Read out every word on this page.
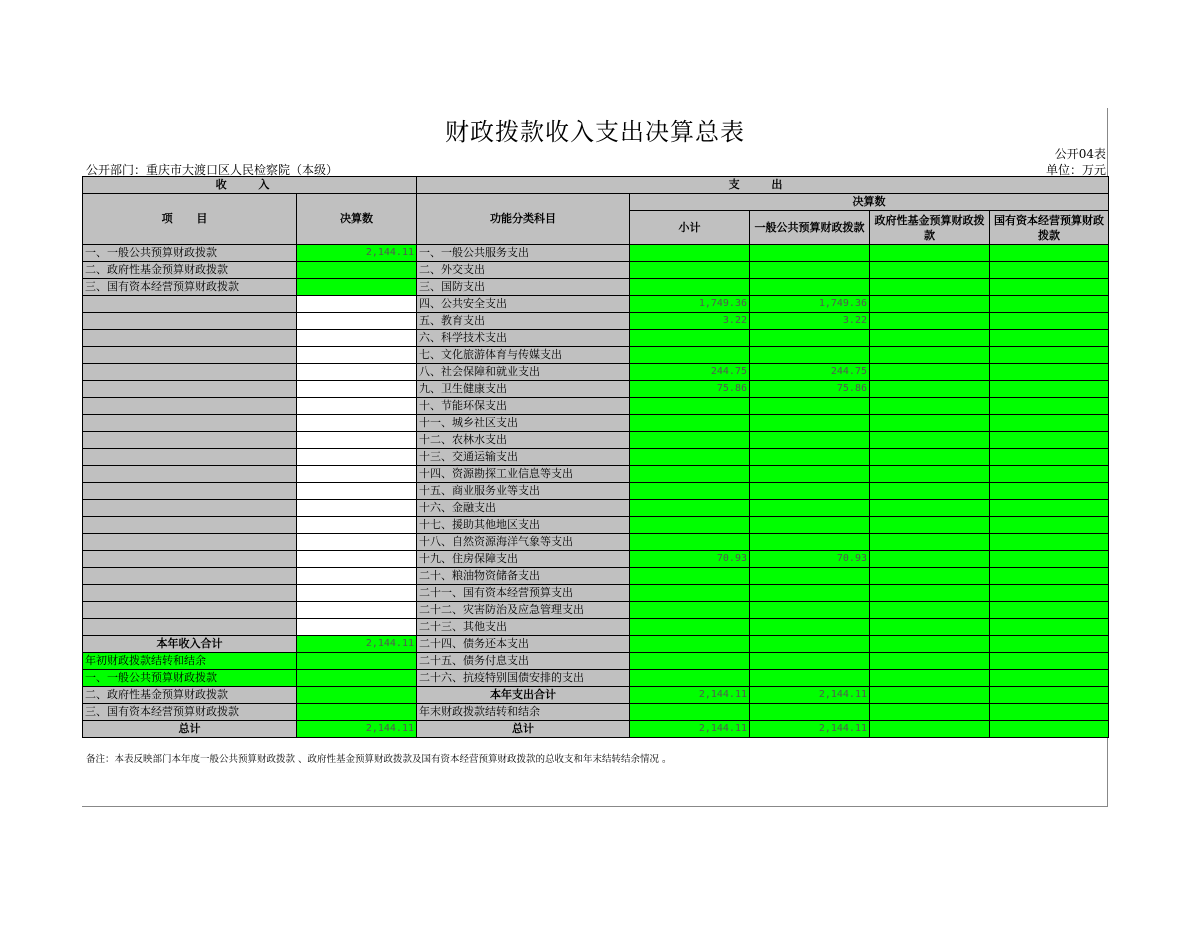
财政拨款收入支出决算总表
公开04表
公开部门：重庆市大渡口区人民检察院（本级）	单位：万元
收 入		支 出				
项 目	决算数	功能分类科目	决算数			
			小计	一般公共预算财政拨款	政府性基金预算财政拨款	国有资本经营预算财政拨款

一、一般公共预算财政拨款	2,144.11	一、一般公共服务支出				
二、政府性基金预算财政拨款		二、外交支出				
三、国有资本经营预算财政拨款		三、国防支出				
		四、公共安全支出	1,749.36	1,749.36		
		五、教育支出	3.22	3.22		
		六、科学技术支出				
		七、文化旅游体育与传媒支出				
		八、社会保障和就业支出	244.75	244.75		
		九、卫生健康支出	75.86	75.86		
		十、节能环保支出				
		十一、城乡社区支出				
		十二、农林水支出				
		十三、交通运输支出				
		十四、资源勘探工业信息等支出				
		十五、商业服务业等支出				
		十六、金融支出				
		十七、援助其他地区支出				
		十八、自然资源海洋气象等支出				
		十九、住房保障支出	70.93	70.93		
		二十、粮油物资储备支出				
		二十一、国有资本经营预算支出				
		二十二、灾害防治及应急管理支出				
		二十三、其他支出				
本年收入合计	2,144.11	二十四、债务还本支出				
年初财政拨款结转和结余		二十五、债务付息支出				
一、一般公共预算财政拨款		二十六、抗疫特别国债安排的支出				
二、政府性基金预算财政拨款		本年支出合计	2,144.11	2,144.11		
三、国有资本经营预算财政拨款		年末财政拨款结转和结余				
总计	2,144.11	总计	2,144.11	2,144.11		
备注：本表反映部门本年度一般公共预算财政拨款 、政府性基金预算财政拨款及国有资本经营预算财政拨款的总收支和年末结转结余情况 。
